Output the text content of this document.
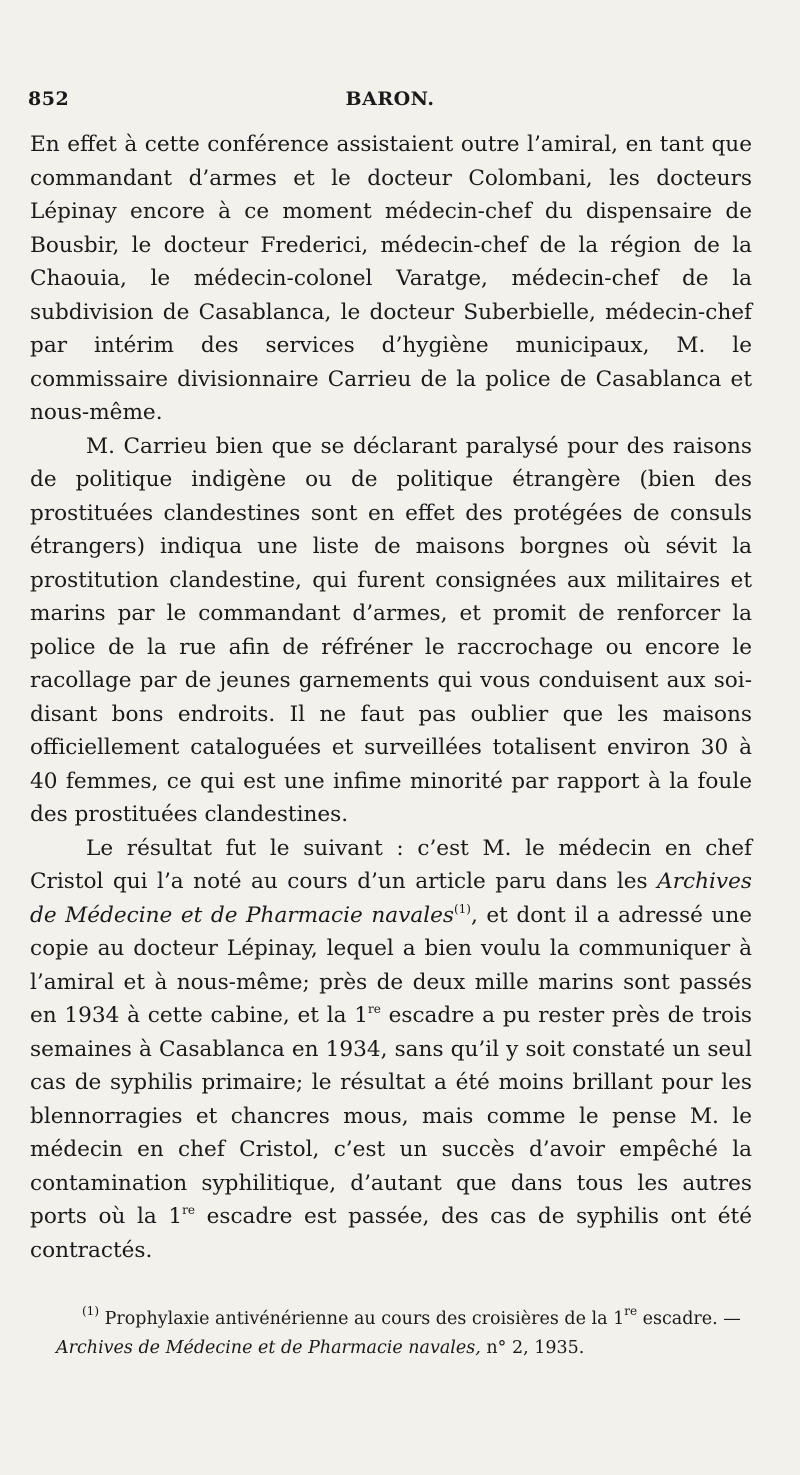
852	BARON.

En effet à cette conférence assistaient outre l’amiral, en tant que commandant d’armes et le docteur Colombani, les docteurs Lépinay encore à ce moment médecin-chef du dispensaire de Bousbir, le docteur Frederici, médecin-chef de la région de la Chaouia, le médecin-colonel Varatge, médecin-chef de la subdivision de Casablanca, le docteur Suberbielle, médecin-chef par intérim des services d’hygiène municipaux, M. le commissaire divisionnaire Carrieu de la police de Casablanca et nous-même.

M. Carrieu bien que se déclarant paralysé pour des raisons de politique indigène ou de politique étrangère (bien des prostituées clandestines sont en effet des protégées de consuls étrangers) indiqua une liste de maisons borgnes où sévit la prostitution clandestine, qui furent consignées aux militaires et marins par le commandant d’armes, et promit de renforcer la police de la rue afin de réfréner le raccrochage ou encore le racollage par de jeunes garnements qui vous conduisent aux soi-disant bons endroits. Il ne faut pas oublier que les maisons officiellement cataloguées et surveillées totalisent environ 30 à 40 femmes, ce qui est une infime minorité par rapport à la foule des prostituées clandestines.

Le résultat fut le suivant : c’est M. le médecin en chef Cristol qui l’a noté au cours d’un article paru dans les Archives de Médecine et de Pharmacie navales$^{(1)}$, et dont il a adressé une copie au docteur Lépinay, lequel a bien voulu la communiquer à l’amiral et à nous-même; près de deux mille marins sont passés en 1934 à cette cabine, et la 1re escadre a pu rester près de trois semaines à Casablanca en 1934, sans qu’il y soit constaté un seul cas de syphilis primaire; le résultat a été moins brillant pour les blennorragies et chancres mous, mais comme le pense M. le médecin en chef Cristol, c’est un succès d’avoir empêché la contamination syphilitique, d’autant que dans tous les autres ports où la 1re escadre est passée, des cas de syphilis ont été contractés.

$^{(1)}$ Prophylaxie antivénérienne au cours des croisières de la 1re escadre. — Archives de Médecine et de Pharmacie navales, n° 2, 1935.
